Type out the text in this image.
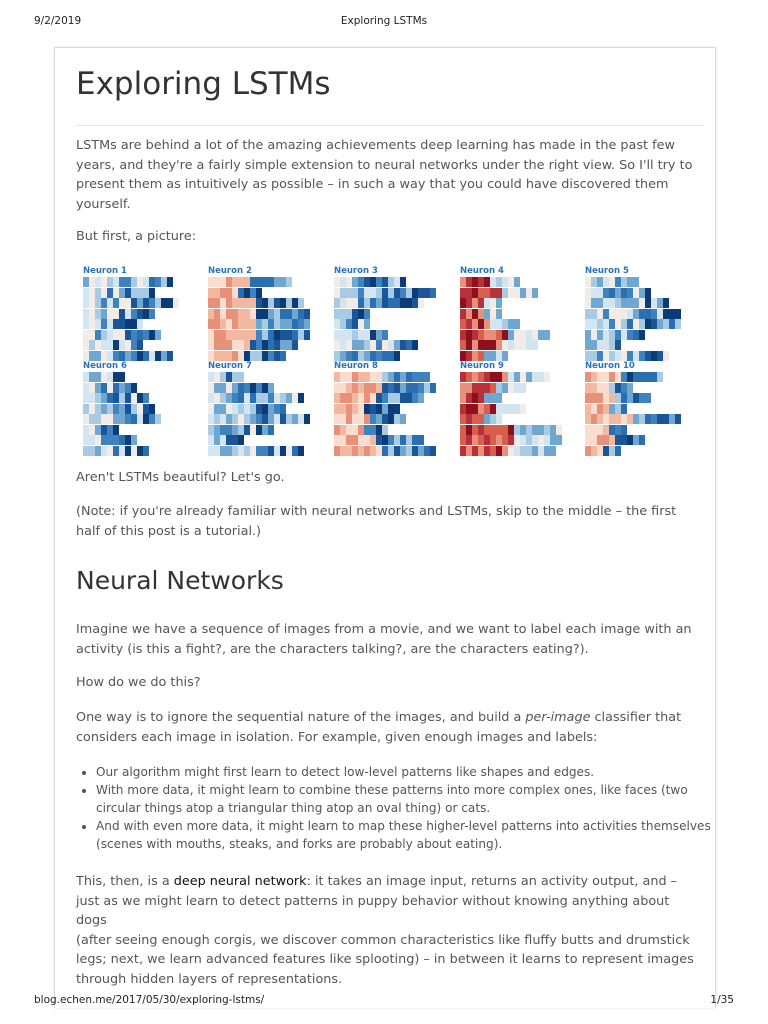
9/2/2019	Exploring LSTMs
Exploring LSTMs

LSTMs are behind a lot of the amazing achievements deep learning has made in the past few
years, and they're a fairly simple extension to neural networks under the right view. So I'll try to
present them as intuitively as possible – in such a way that you could have discovered them
yourself.

But first, a picture:

Neuron 1	Neuron 2	Neuron 3	Neuron 4	Neuron 5
Neuron 6	Neuron 7	Neuron 8	Neuron 9	Neuron 10

Aren't LSTMs beautiful? Let's go.

(Note: if you're already familiar with neural networks and LSTMs, skip to the middle – the first
half of this post is a tutorial.)

Neural Networks

Imagine we have a sequence of images from a movie, and we want to label each image with an
activity (is this a fight?, are the characters talking?, are the characters eating?).

How do we do this?

One way is to ignore the sequential nature of the images, and build a per-image classifier that
considers each image in isolation. For example, given enough images and labels:

• Our algorithm might first learn to detect low-level patterns like shapes and edges.
• With more data, it might learn to combine these patterns into more complex ones, like faces (two
circular things atop a triangular thing atop an oval thing) or cats.
• And with even more data, it might learn to map these higher-level patterns into activities themselves
(scenes with mouths, steaks, and forks are probably about eating).

This, then, is a deep neural network: it takes an image input, returns an activity output, and –
just as we might learn to detect patterns in puppy behavior without knowing anything about dogs
(after seeing enough corgis, we discover common characteristics like fluffy butts and drumstick
legs; next, we learn advanced features like splooting) – in between it learns to represent images
through hidden layers of representations.

blog.echen.me/2017/05/30/exploring-lstms/	1/35
